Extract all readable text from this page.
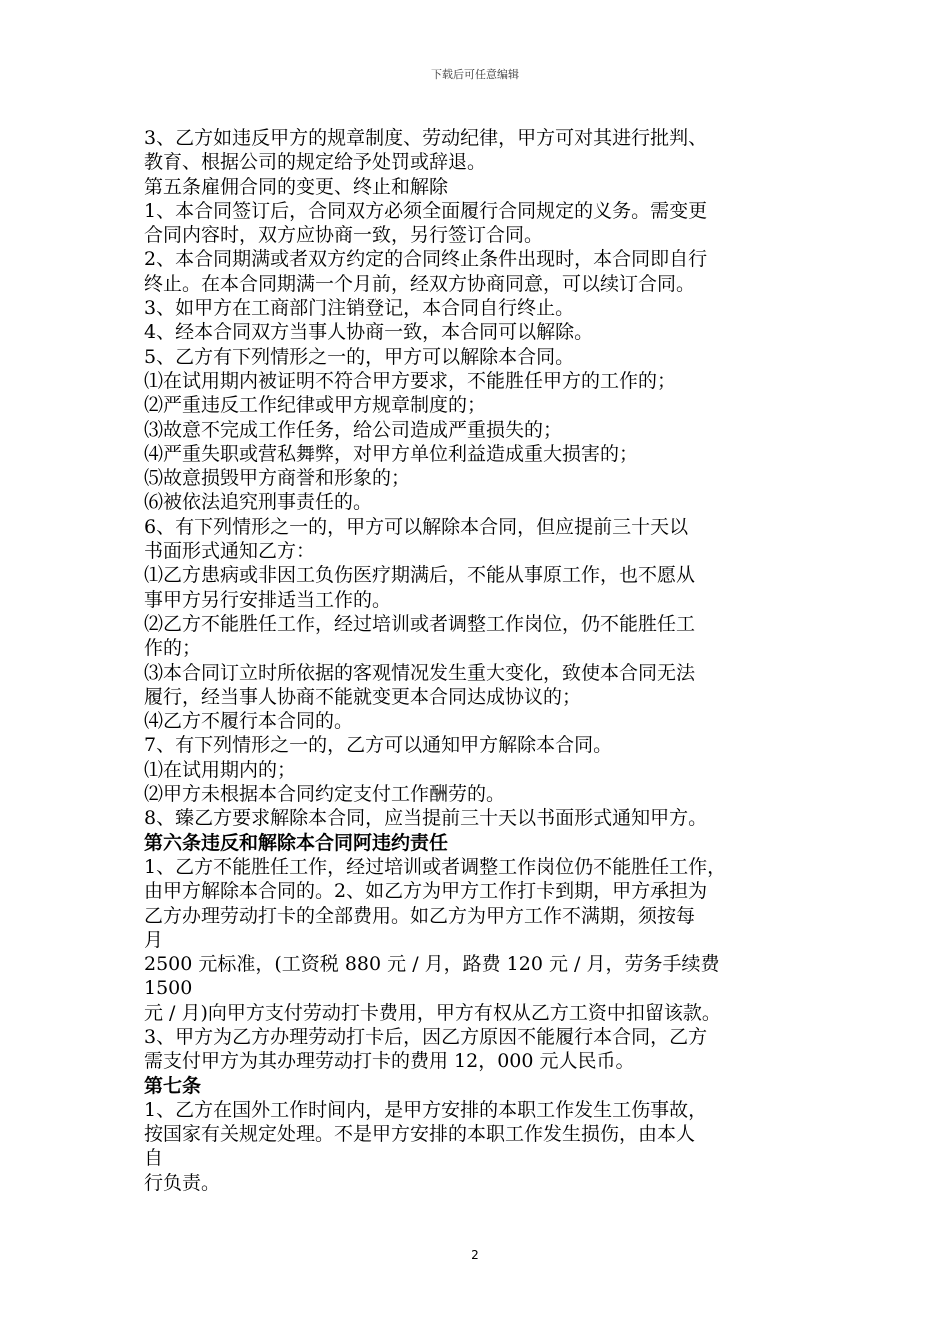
下载后可任意编辑
3、乙方如违反甲方的规章制度、劳动纪律，甲方可对其进行批判、
教育、根据公司的规定给予处罚或辞退。
第五条雇佣合同的变更、终止和解除
1、本合同签订后，合同双方必须全面履行合同规定的义务。需变更
合同内容时，双方应协商一致，另行签订合同。
2、本合同期满或者双方约定的合同终止条件出现时，本合同即自行
终止。在本合同期满一个月前，经双方协商同意，可以续订合同。
3、如甲方在工商部门注销登记，本合同自行终止。
4、经本合同双方当事人协商一致，本合同可以解除。
5、乙方有下列情形之一的，甲方可以解除本合同。
⑴在试用期内被证明不符合甲方要求，不能胜任甲方的工作的；
⑵严重违反工作纪律或甲方规章制度的；
⑶故意不完成工作任务，给公司造成严重损失的；
⑷严重失职或营私舞弊，对甲方单位利益造成重大损害的；
⑸故意损毁甲方商誉和形象的；
⑹被依法追究刑事责任的。
6、有下列情形之一的，甲方可以解除本合同，但应提前三十天以
书面形式通知乙方：
⑴乙方患病或非因工负伤医疗期满后，不能从事原工作，也不愿从
事甲方另行安排适当工作的。
⑵乙方不能胜任工作，经过培训或者调整工作岗位，仍不能胜任工
作的；
⑶本合同订立时所依据的客观情况发生重大变化，致使本合同无法
履行，经当事人协商不能就变更本合同达成协议的；
⑷乙方不履行本合同的。
7、有下列情形之一的，乙方可以通知甲方解除本合同。
⑴在试用期内的；
⑵甲方未根据本合同约定支付工作酬劳的。
8、臻乙方要求解除本合同，应当提前三十天以书面形式通知甲方。
第六条违反和解除本合同阿违约责任
1、乙方不能胜任工作，经过培训或者调整工作岗位仍不能胜任工作，
由甲方解除本合同的。2、如乙方为甲方工作打卡到期，甲方承担为
乙方办理劳动打卡的全部费用。如乙方为甲方工作不满期，须按每
月
2500 元标准，(工资税 880 元 / 月，路费 120 元 / 月，劳务手续费
1500
元 / 月)向甲方支付劳动打卡费用，甲方有权从乙方工资中扣留该款。
3、甲方为乙方办理劳动打卡后，因乙方原因不能履行本合同，乙方
需支付甲方为其办理劳动打卡的费用 12，000 元人民币。
第七条
1、乙方在国外工作时间内，是甲方安排的本职工作发生工伤事故，
按国家有关规定处理。不是甲方安排的本职工作发生损伤，由本人
自
行负责。
2
